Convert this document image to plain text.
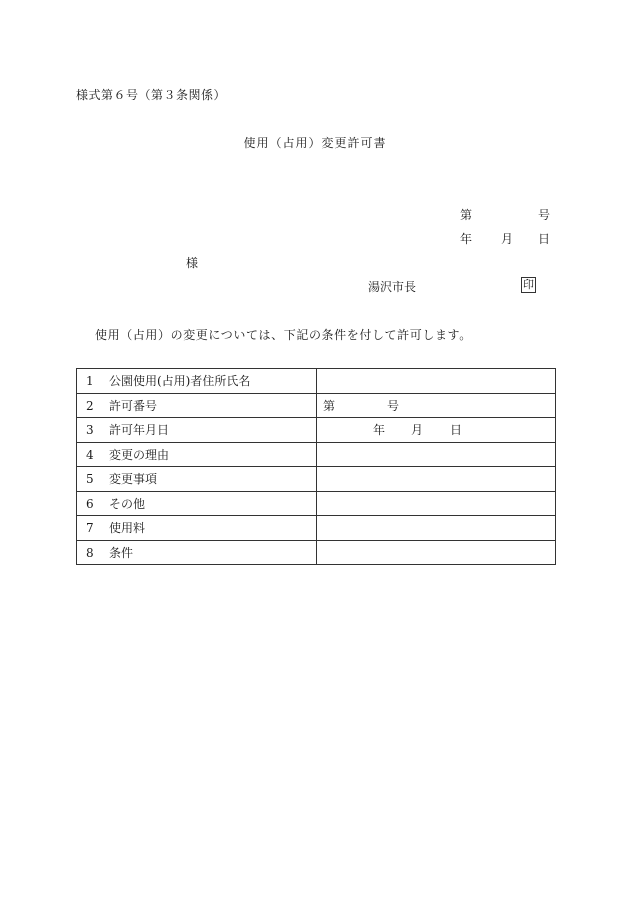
様式第６号（第３条関係）
使用（占用）変更許可書
第	号
年 月 日
様
湯沢市長	印
使用（占用）の変更については、下記の条件を付して許可します。
1 公園使用(占用)者住所氏名	
2 許可番号	第 号
3 許可年月日	年 月 日
4 変更の理由	
5 変更事項	
6 その他	
7 使用料	
8 条件	
